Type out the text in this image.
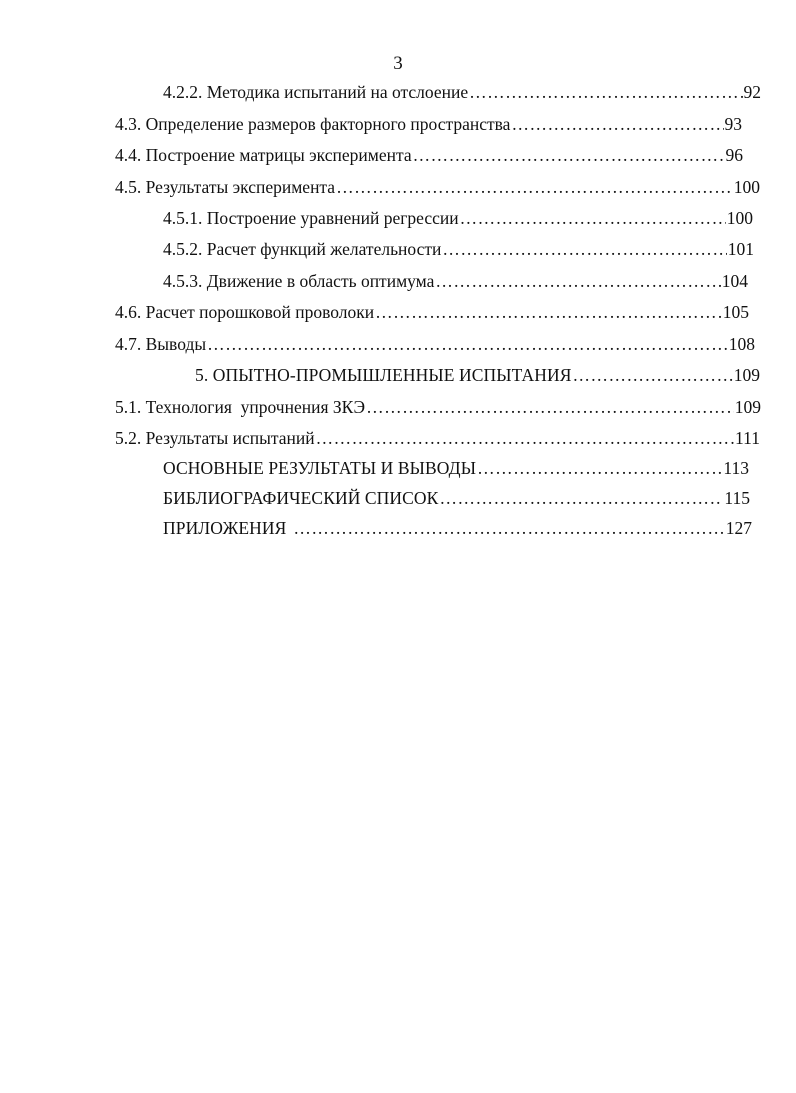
3
4.2.2. Методика испытаний на отслоение ……………………………………………………………………………………………………………………………………	92
4.3. Определение размеров факторного пространства ……………………………………………………………………………………………………………………………………	93
4.4. Построение матрицы эксперимента ……………………………………………………………………………………………………………………………………	96
4.5. Результаты эксперимента ……………………………………………………………………………………………………………………………………	100
4.5.1. Построение уравнений регрессии ……………………………………………………………………………………………………………………………………	100
4.5.2. Расчет функций желательности ……………………………………………………………………………………………………………………………………	101
4.5.3. Движение в область оптимума ……………………………………………………………………………………………………………………………………	104
4.6. Расчет порошковой проволоки ……………………………………………………………………………………………………………………………………	105
4.7. Выводы ……………………………………………………………………………………………………………………………………	108
5. ОПЫТНО-ПРОМЫШЛЕННЫЕ ИСПЫТАНИЯ ……………………………………………………………………………………………………………………………………	109
5.1. Технология  упрочнения ЗКЭ ……………………………………………………………………………………………………………………………………	109
5.2. Результаты испытаний ……………………………………………………………………………………………………………………………………	111
ОСНОВНЫЕ РЕЗУЛЬТАТЫ И ВЫВОДЫ ……………………………………………………………………………………………………………………………………	113
БИБЛИОГРАФИЧЕСКИЙ СПИСОК ……………………………………………………………………………………………………………………………………	115
ПРИЛОЖЕНИЯ ……………………………………………………………………………………………………………………………………	127
